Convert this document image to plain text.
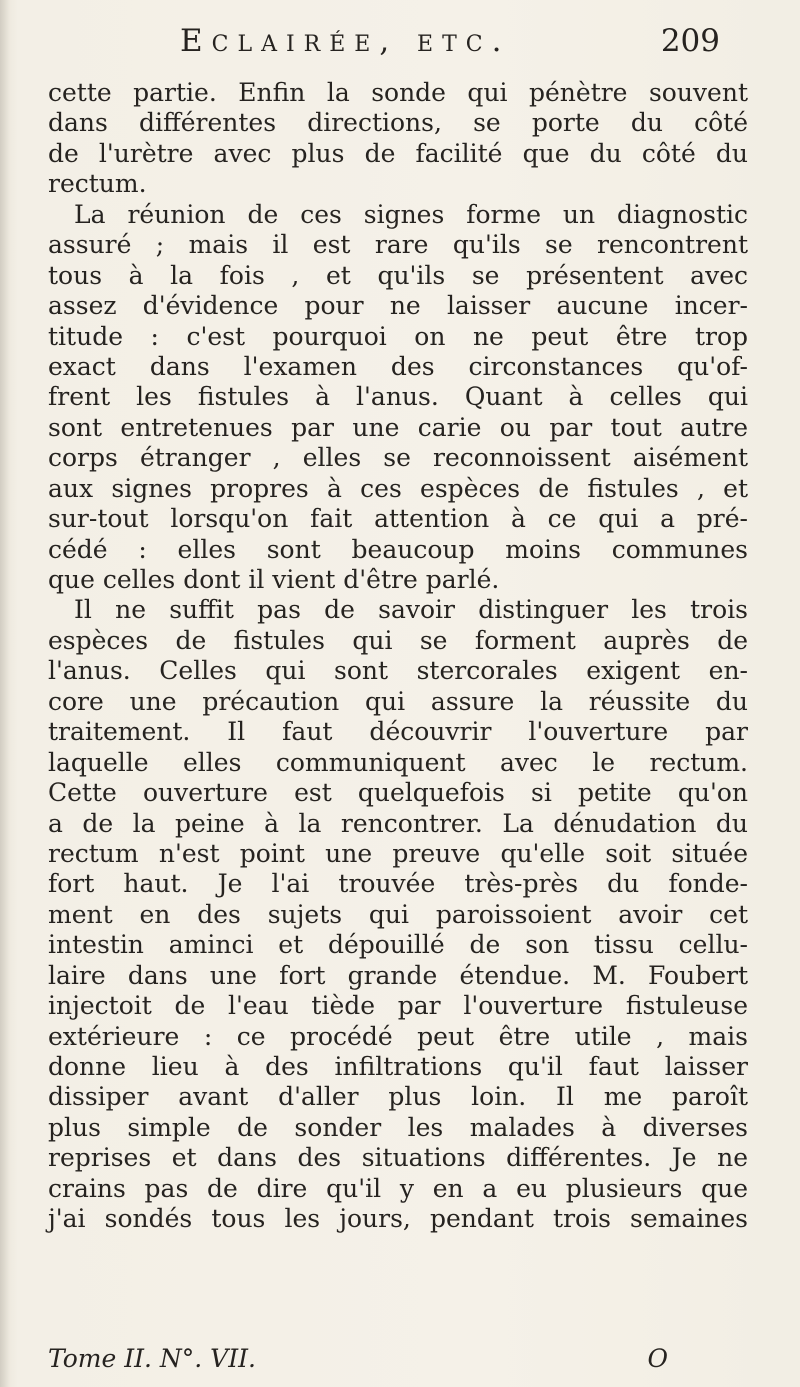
Eclairée, etc.	209
cette partie. Enfin la sonde qui pénètre souvent
dans différentes directions, se porte du côté
de l'urètre avec plus de facilité que du côté du
rectum.
La réunion de ces signes forme un diagnostic
assuré ; mais il est rare qu'ils se rencontrent
tous à la fois , et qu'ils se présentent avec
assez d'évidence pour ne laisser aucune incer-
titude : c'est pourquoi on ne peut être trop
exact dans l'examen des circonstances qu'of-
frent les fistules à l'anus. Quant à celles qui
sont entretenues par une carie ou par tout autre
corps étranger , elles se reconnoissent aisément
aux signes propres à ces espèces de fistules , et
sur-tout lorsqu'on fait attention à ce qui a pré-
cédé : elles sont beaucoup moins communes
que celles dont il vient d'être parlé.
Il ne suffit pas de savoir distinguer les trois
espèces de fistules qui se forment auprès de
l'anus. Celles qui sont stercorales exigent en-
core une précaution qui assure la réussite du
traitement. Il faut découvrir l'ouverture par
laquelle elles communiquent avec le rectum.
Cette ouverture est quelquefois si petite qu'on
a de la peine à la rencontrer. La dénudation du
rectum n'est point une preuve qu'elle soit située
fort haut. Je l'ai trouvée très-près du fonde-
ment en des sujets qui paroissoient avoir cet
intestin aminci et dépouillé de son tissu cellu-
laire dans une fort grande étendue. M. Foubert
injectoit de l'eau tiède par l'ouverture fistuleuse
extérieure : ce procédé peut être utile , mais
donne lieu à des infiltrations qu'il faut laisser
dissiper avant d'aller plus loin. Il me paroît
plus simple de sonder les malades à diverses
reprises et dans des situations différentes. Je ne
crains pas de dire qu'il y en a eu plusieurs que
j'ai sondés tous les jours, pendant trois semaines
Tome II. N°. VII.	O
